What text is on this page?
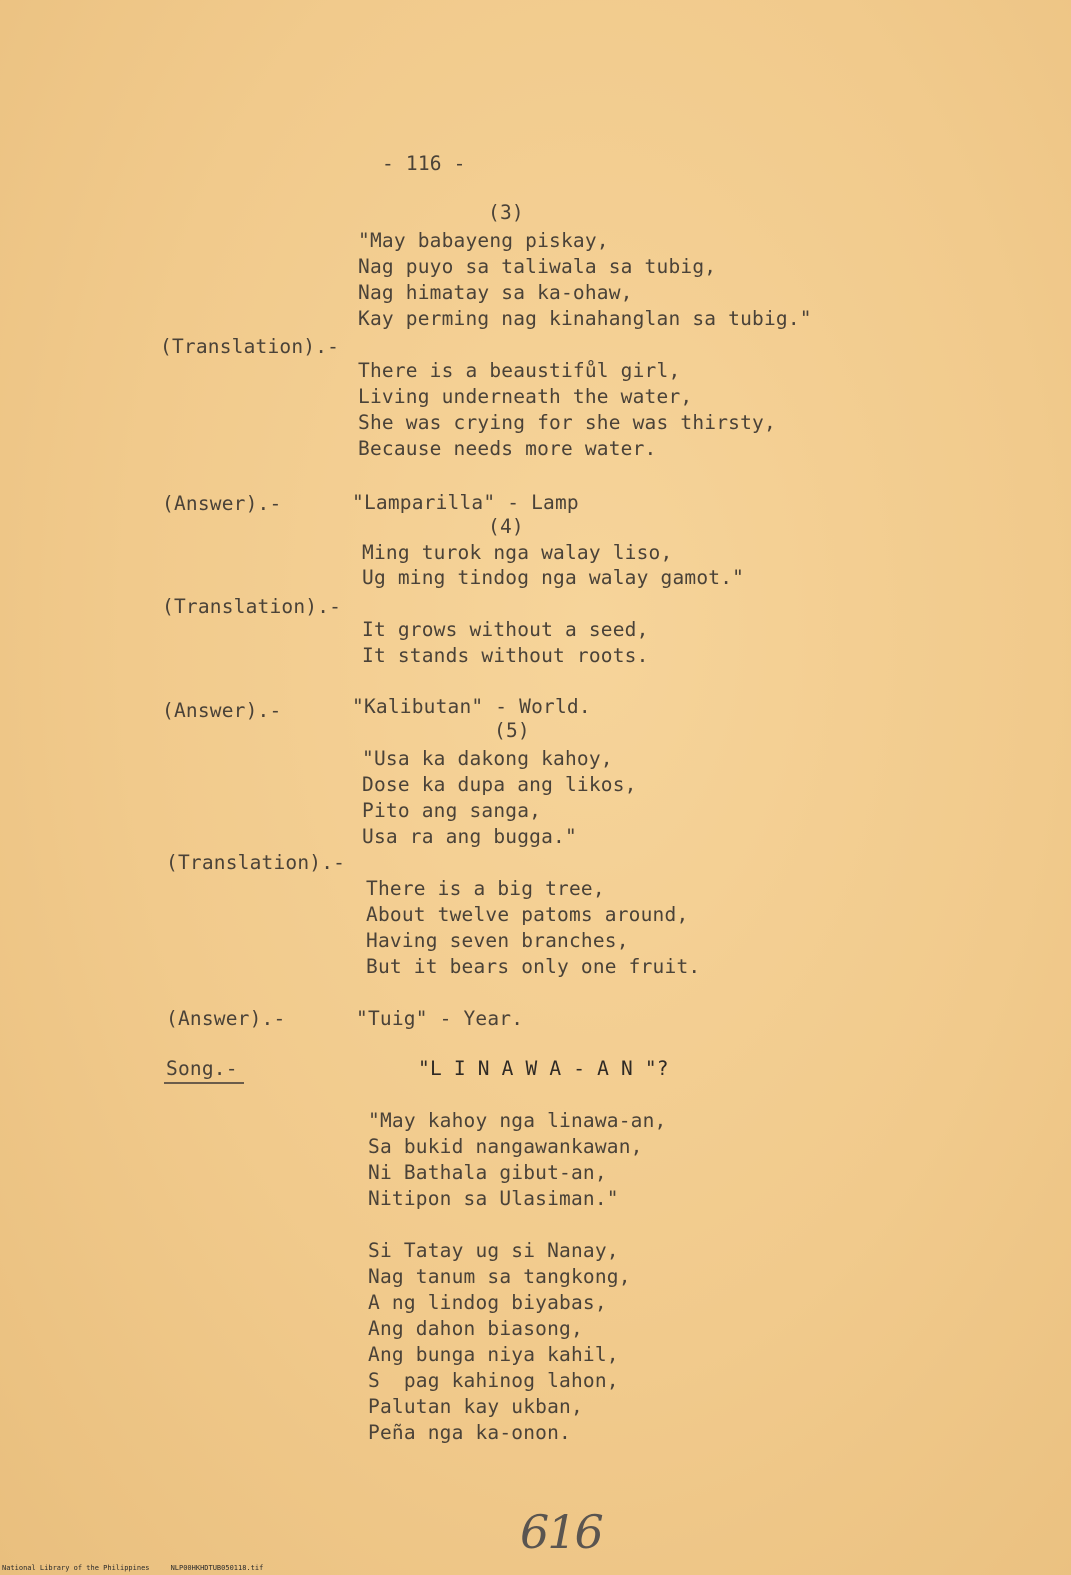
- 116 -
(3)
"May babayeng piskay,
Nag puyo sa taliwala sa tubig,
Nag himatay sa ka-ohaw,
Kay perming nag kinahanglan sa tubig."
(Translation).-
There is a beaustifůl girl,
Living underneath the water,
She was crying for she was thirsty,
Because needs more water.
(Answer).-	"Lamparilla" - Lamp
(4)
Ming turok nga walay liso,
Ug ming tindog nga walay gamot."
(Translation).-
It grows without a seed,
It stands without roots.
(Answer).-	"Kalibutan" - World.
(5)
"Usa ka dakong kahoy,
Dose ka dupa ang likos,
Pito ang sanga,
Usa ra ang bugga."
(Translation).-
There is a big tree,
About twelve patoms around,
Having seven branches,
But it bears only one fruit.
(Answer).-	"Tuig" - Year.
Song.-	"L I N A W A - A N "?
"May kahoy nga linawa-an,
Sa bukid nangawankawan,
Ni Bathala gibut-an,
Nitipon sa Ulasiman."
Si Tatay ug si Nanay,
Nag tanum sa tangkong,
A ng lindog biyabas,
Ang dahon biasong,
Ang bunga niya kahil,
S  pag kahinog lahon,
Palutan kay ukban,
Peña nga ka-onon.
616
National Library of the Philippines     NLP00HKHDTUB050118.tif
